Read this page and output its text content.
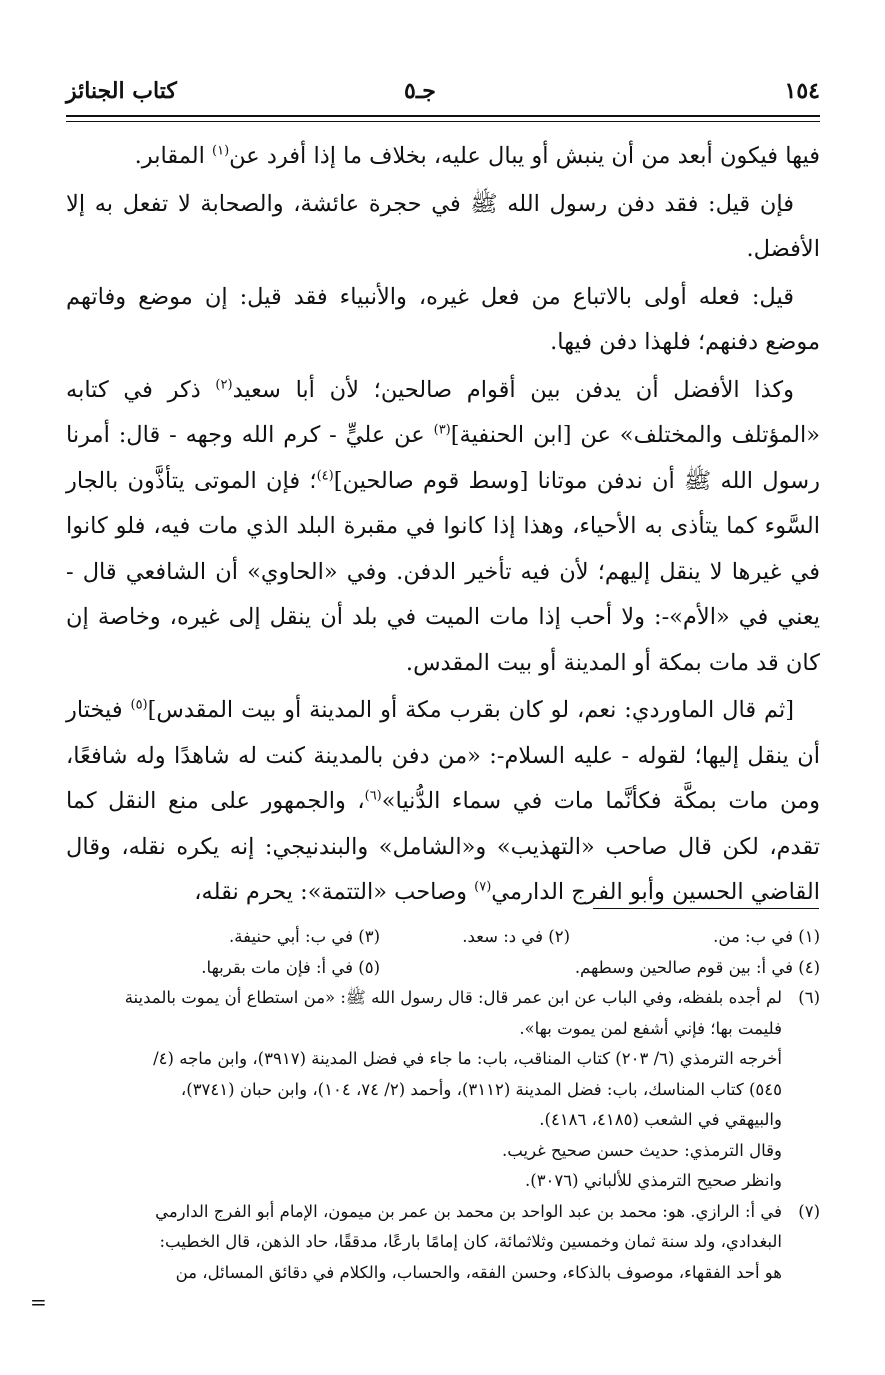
١٥٤
جـ٥
كتاب الجنائز

فيها فيكون أبعد من أن ينبش أو يبال عليه، بخلاف ما إذا أفرد عن$^{(١)}$ المقابر.

فإن قيل: فقد دفن رسول الله ﷺ في حجرة عائشة، والصحابة لا تفعل به إلا الأفضل.

قيل: فعله أولى بالاتباع من فعل غيره، والأنبياء فقد قيل: إن موضع وفاتهم موضع دفنهم؛ فلهذا دفن فيها.

وكذا الأفضل أن يدفن بين أقوام صالحين؛ لأن أبا سعيد$^{(٢)}$ ذكر في كتابه «المؤتلف والمختلف» عن [ابن الحنفية]$^{(٣)}$ عن عليٍّ - كرم الله وجهه - قال: أمرنا رسول الله ﷺ أن ندفن موتانا [وسط قوم صالحين]$^{(٤)}$؛ فإن الموتى يتأذَّون بالجار السَّوء كما يتأذى به الأحياء، وهذا إذا كانوا في مقبرة البلد الذي مات فيه، فلو كانوا في غيرها لا ينقل إليهم؛ لأن فيه تأخير الدفن. وفي «الحاوي» أن الشافعي قال - يعني في «الأم»-: ولا أحب إذا مات الميت في بلد أن ينقل إلى غيره، وخاصة إن كان قد مات بمكة أو المدينة أو بيت المقدس.

[ثم قال الماوردي: نعم، لو كان بقرب مكة أو المدينة أو بيت المقدس]$^{(٥)}$ فيختار أن ينقل إليها؛ لقوله - عليه السلام-: «من دفن بالمدينة كنت له شاهدًا وله شافعًا، ومن مات بمكَّة فكأنَّما مات في سماء الدُّنيا»$^{(٦)}$، والجمهور على منع النقل كما تقدم، لكن قال صاحب «التهذيب» و«الشامل» والبندنيجي: إنه يكره نقله، وقال القاضي الحسين وأبو الفرج الدارمي$^{(٧)}$ وصاحب «التتمة»: يحرم نقله،

(١) في ب: من.
(٢) في د: سعد.
(٣) في ب: أبي حنيفة.
(٤) في أ: بين قوم صالحين وسطهم.
(٥) في أ: فإن مات بقربها.
(٦)
لم أجده بلفظه، وفي الباب عن ابن عمر قال: قال رسول الله ﷺ: «من استطاع أن يموت بالمدينة
فليمت بها؛ فإني أشفع لمن يموت بها».
أخرجه الترمذي (٦/ ٢٠٣) كتاب المناقب، باب: ما جاء في فضل المدينة (٣٩١٧)، وابن ماجه (٤/
٥٤٥) كتاب المناسك، باب: فضل المدينة (٣١١٢)، وأحمد (٢/ ٧٤، ١٠٤)، وابن حبان (٣٧٤١)،
والبيهقي في الشعب (٤١٨٥، ٤١٨٦).
وقال الترمذي: حديث حسن صحيح غريب.
وانظر صحيح الترمذي للألباني (٣٠٧٦).
(٧)
في أ: الرازي. هو: محمد بن عبد الواحد بن محمد بن عمر بن ميمون، الإمام أبو الفرج الدارمي
البغدادي، ولد سنة ثمان وخمسين وثلاثمائة، كان إمامًا بارعًا، مدققًا، حاد الذهن، قال الخطيب:
هو أحد الفقهاء، موصوف بالذكاء، وحسن الفقه، والحساب، والكلام في دقائق المسائل، من
=
